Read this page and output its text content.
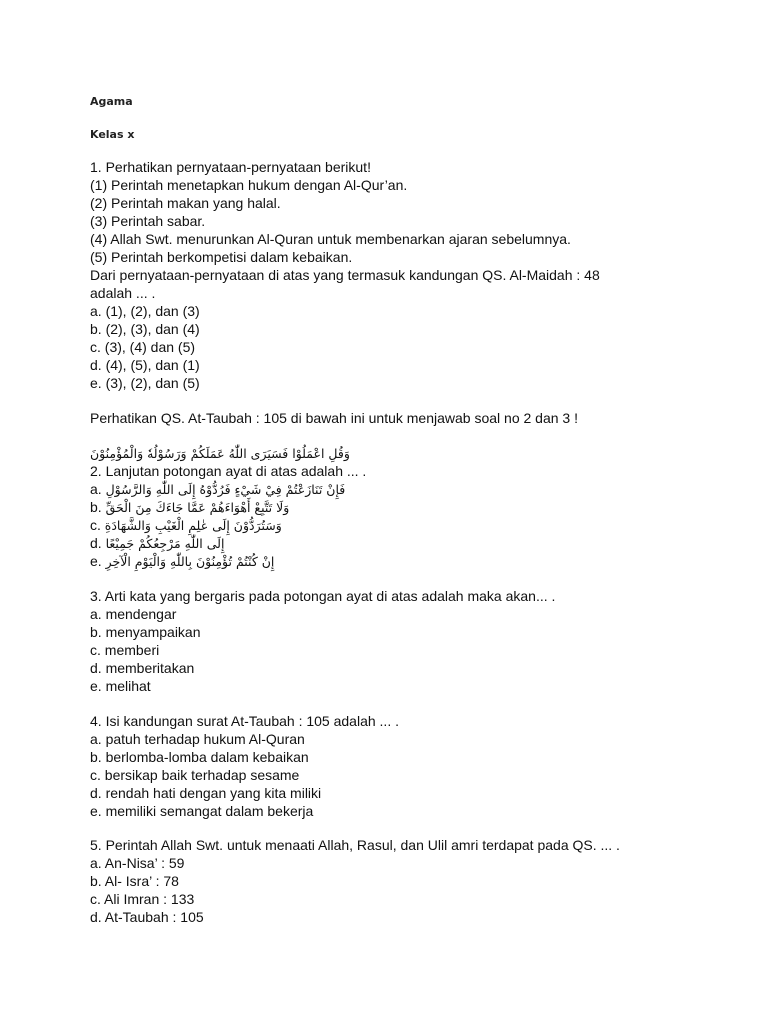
Agama
Kelas x
1. Perhatikan pernyataan-pernyataan berikut!
(1) Perintah menetapkan hukum dengan Al-Qur’an.
(2) Perintah makan yang halal.
(3) Perintah sabar.
(4) Allah Swt. menurunkan Al-Quran untuk membenarkan ajaran sebelumnya.
(5) Perintah berkompetisi dalam kebaikan.
Dari pernyataan-pernyataan di atas yang termasuk kandungan QS. Al-Maidah : 48
adalah ... .
a. (1), (2), dan (3)
b. (2), (3), dan (4)
c. (3), (4) dan (5)
d. (4), (5), dan (1)
e. (3), (2), dan (5)
Perhatikan QS. At-Taubah : 105 di bawah ini untuk menjawab soal no 2 dan 3 !
وَقُلِ اعْمَلُوْا فَسَيَرَى اللّٰهُ عَمَلَكُمْ وَرَسُوْلُهٗ وَالْمُؤْمِنُوْنَ
2. Lanjutan potongan ayat di atas adalah ... .
a. فَإِنْ تَنَازَعْتُمْ فِيْ شَيْءٍ فَرُدُّوْهُ إِلَى اللّٰهِ وَالرَّسُوْلِ
b. وَلَا تَتَّبِعْ أَهْوَاءَهُمْ عَمَّا جَاءَكَ مِنَ الْحَقِّ
c. وَسَتُرَدُّوْنَ إِلَى عٰلِمِ الْغَيْبِ وَالشَّهَادَةِ
d. إِلَى اللّٰهِ مَرْجِعُكُمْ جَمِيْعًا
e. إِنْ كُنْتُمْ تُؤْمِنُوْنَ بِاللّٰهِ وَالْيَوْمِ الْآخِرِ
3. Arti kata yang bergaris pada potongan ayat di atas adalah maka akan... .
a. mendengar
b. menyampaikan
c. memberi
d. memberitakan
e. melihat
4. Isi kandungan surat At-Taubah : 105 adalah ... .
a. patuh terhadap hukum Al-Quran
b. berlomba-lomba dalam kebaikan
c. bersikap baik terhadap sesame
d. rendah hati dengan yang kita miliki
e. memiliki semangat dalam bekerja
5. Perintah Allah Swt. untuk menaati Allah, Rasul, dan Ulil amri terdapat pada QS. ... .
a. An-Nisa’ : 59
b. Al- Isra’ : 78
c. Ali Imran : 133
d. At-Taubah : 105
